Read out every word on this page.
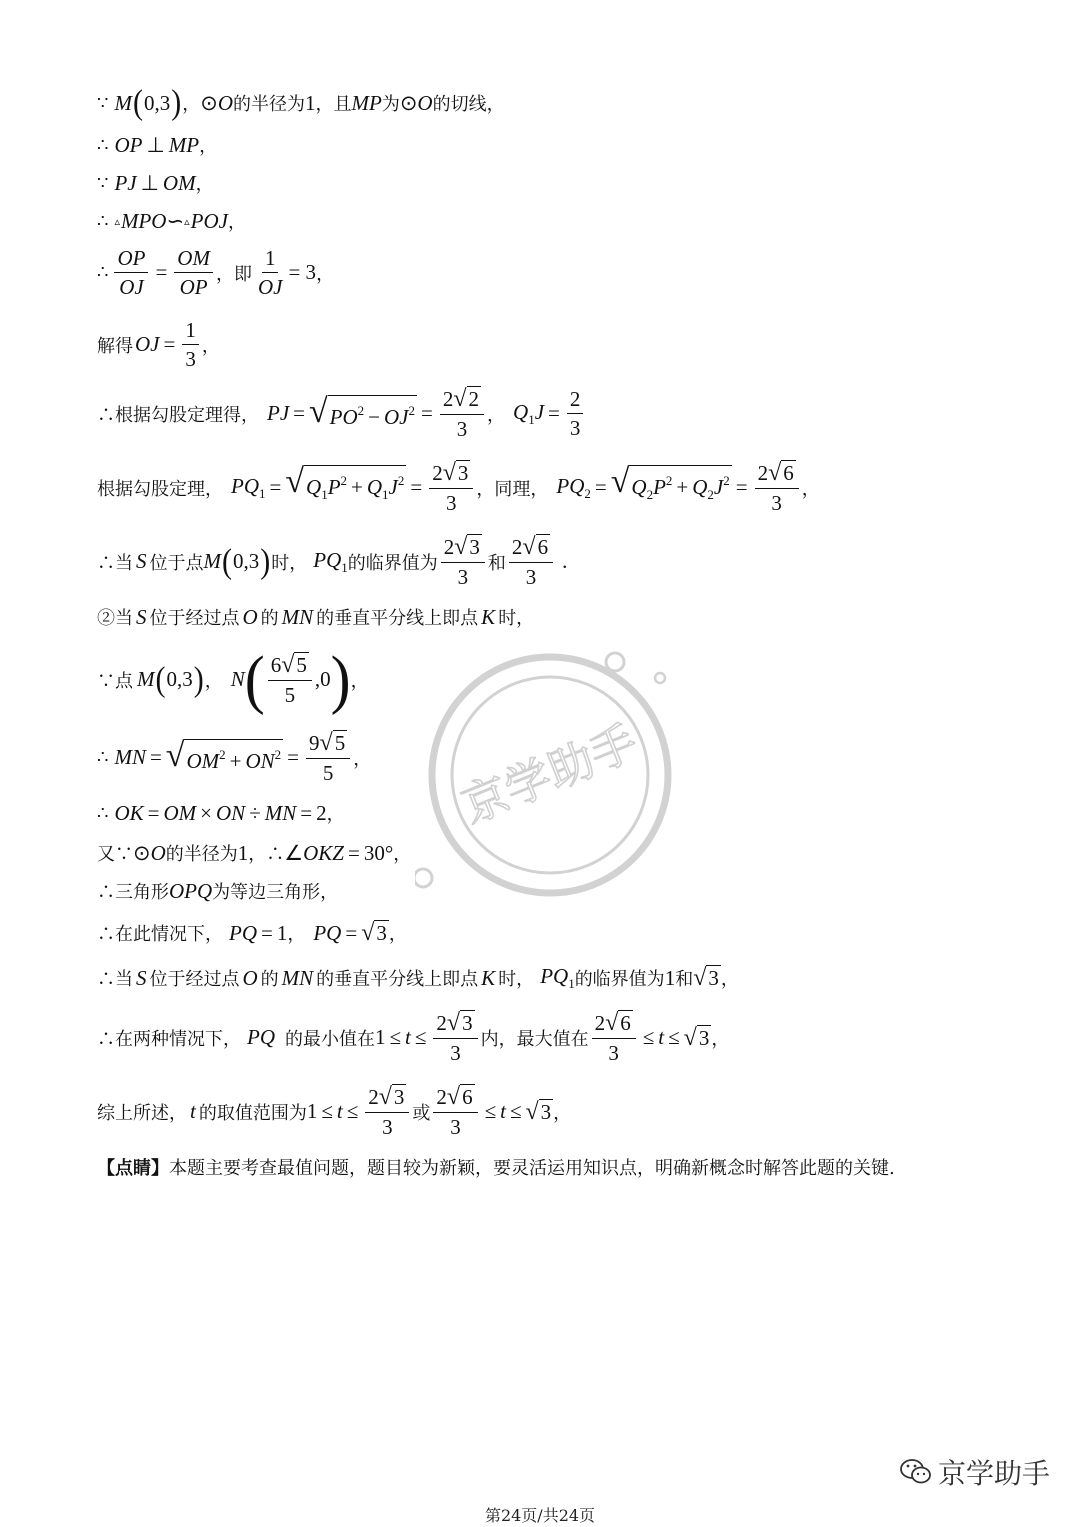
京学助手
∵ M ( 0,3 ) ， ⊙ O 的半径为 1 ，且 MP 为 ⊙ O 的切线，
∴ OP ⊥ MP ，
∵ PJ ⊥ OM ，
∴ ▵ MPO ∽ ▵ POJ ，
∴ $\frac{OP}{OJ} = \frac{OM}{OP}$ ，即 $\frac{1}{OJ} = 3$ ，
解得 OJ = $\frac{1}{3}$ ，
∴根据勾股定理得， PJ = √ $PO^2 - OJ^2 = \frac{2 √ 2}{3}$ ， $Q_1J = \frac{2}{3}$
根据勾股定理， $PQ_1$ = √ $Q_1P^2 + Q_1J^2 = \frac{2 √ 3}{3}$ ，同理， $PQ_2$ = √ $Q_2P^2 + Q_2J^2 = \frac{2 √ 6}{3}$ ，
∴当 S 位于点 M ( 0,3 ) 时， $PQ_1$ 的临界值为 $\frac{2 √ 3}{3}$ 和 $\frac{2 √ 6}{3}$ .
②当 S 位于经过点 O 的 MN 的垂直平分线上即点 K 时，
∵点 M ( 0,3 ) ， N ( $\frac{6 √ 5}{5} ,0$ ) ，
∴ MN = √ $OM^2 + ON^2 = \frac{9 √ 5}{5}$ ，
∴ OK = OM × ON ÷ MN = 2 ，
又∵ ⊙ O 的半径为 1 ，∴ ∠ OKZ = 30° ，
∴三角形 OPQ 为等边三角形，
∴在此情况下， PQ = 1 ， PQ = √ 3 ，
∴当 S 位于经过点 O 的 MN 的垂直平分线上即点 K 时， $PQ_1$ 的临界值为 1 和 √ 3 ，
∴在两种情况下， PQ 的最小值在 $1 \le t \le \frac{2 √ 3}{3}$ 内，最大值在 $\frac{2 √ 6}{3} \le t$ ≤ √ 3 ，
综上所述， t 的取值范围为 $1 \le t \le \frac{2 √ 3}{3}$ 或 $\frac{2 √ 6}{3} \le t$ ≤ √ 3 ，
【点睛】 本题主要考查最值问题，题目较为新颖，要灵活运用知识点，明确新概念时解答此题的关键.
京学助手
第24页/共24页
